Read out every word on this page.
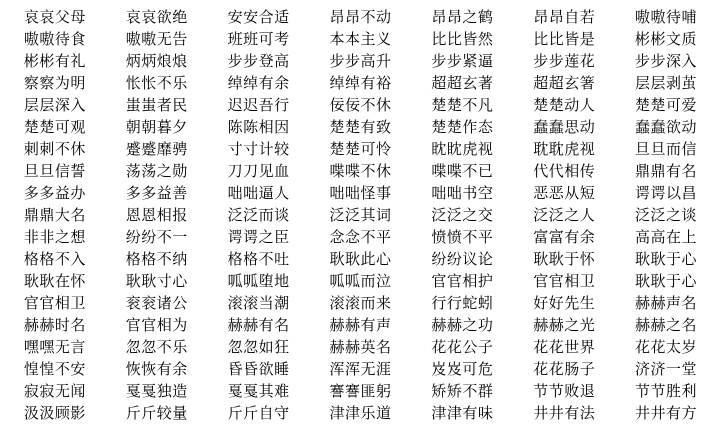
哀哀父母	哀哀欲绝	安安合适	昂昂不动	昂昂之鹤	昂昂自若	嗷嗷待哺
嗷嗷待食	嗷嗷无告	班班可考	本本主义	比比皆然	比比皆是	彬彬文质
彬彬有礼	炳炳烺烺	步步登高	步步高升	步步紧逼	步步莲花	步步深入
察察为明	怅怅不乐	绰绰有余	绰绰有裕	超超玄著	超超玄箸	层层剥茧
层层深入	蚩蚩者民	迟迟吾行	佞佞不休	楚楚不凡	楚楚动人	楚楚可爱
楚楚可观	朝朝暮夕	陈陈相因	楚楚有致	楚楚作态	蠢蠢思动	蠢蠢欲动
刺刺不休	蹙蹙靡骋	寸寸计较	楚楚可怜	眈眈虎视	耽耽虎视	旦旦而信
旦旦信誓	荡荡之勋	刀刀见血	喋喋不休	喋喋不已	代代相传	鼎鼎有名
多多益办	多多益善	咄咄逼人	咄咄怪事	咄咄书空	恶恶从短	谔谔以昌
鼎鼎大名	恩恩相报	泛泛而谈	泛泛其词	泛泛之交	泛泛之人	泛泛之谈
非非之想	纷纷不一	谔谔之臣	念念不平	愤愤不平	富富有余	高高在上
格格不入	格格不纳	格格不吐	耿耿此心	纷纷议论	耿耿于怀	耿耿于心
耿耿在怀	耿耿寸心	呱呱堕地	呱呱而泣	官官相护	官官相卫	耿耿于心
官官相卫	衮衮诸公	滚滚当潮	滚滚而来	行行蛇蚓	好好先生	赫赫声名
赫赫时名	官官相为	赫赫有名	赫赫有声	赫赫之功	赫赫之光	赫赫之名
嘿嘿无言	忽忽不乐	忽忽如狂	赫赫英名	花花公子	花花世界	花花太岁
惶惶不安	恢恢有余	昏昏欲睡	浑浑无涯	岌岌可危	花花肠子	济济一堂
寂寂无闻	戛戛独造	戛戛其难	謇謇匪躬	矫矫不群	节节败退	节节胜利
汲汲顾影	斤斤较量	斤斤自守	津津乐道	津津有味	井井有法	井井有方
